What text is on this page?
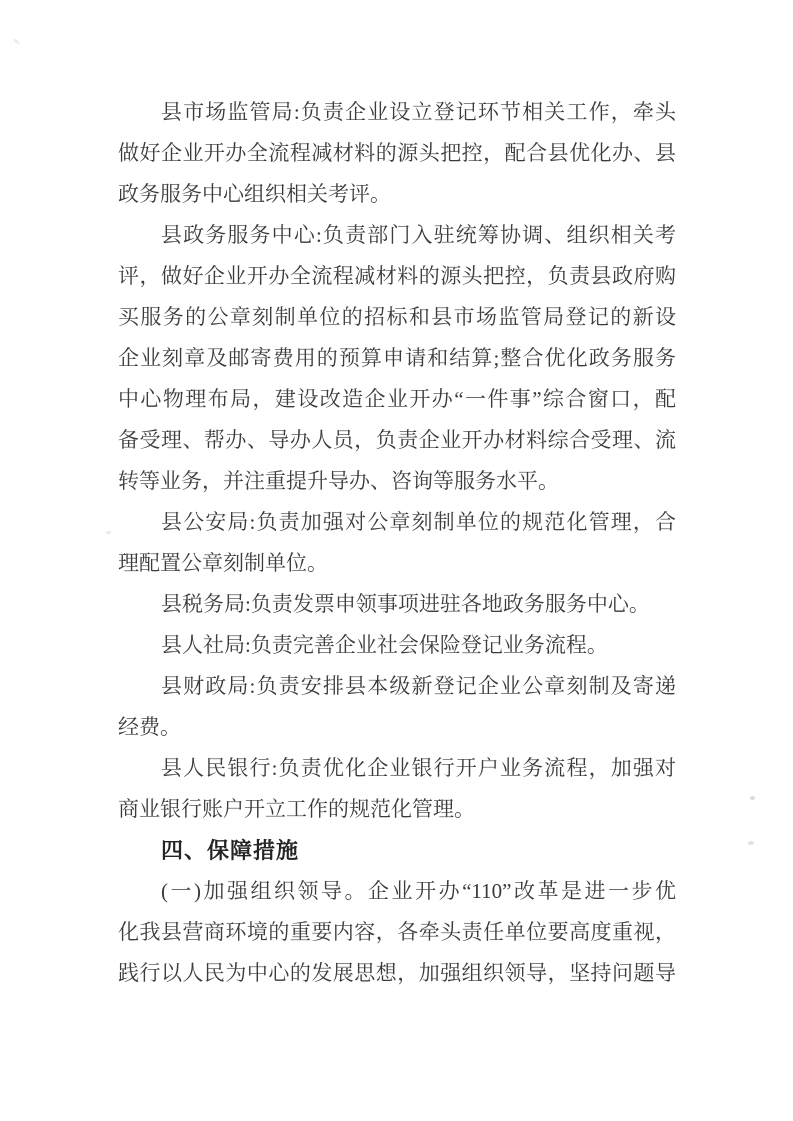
县市场监管局:负责企业设立登记环节相关工作，牵头
做好企业开办全流程减材料的源头把控，配合县优化办、县
政务服务中心组织相关考评。
县政务服务中心:负责部门入驻统筹协调、组织相关考
评，做好企业开办全流程减材料的源头把控，负责县政府购
买服务的公章刻制单位的招标和县市场监管局登记的新设
企业刻章及邮寄费用的预算申请和结算;整合优化政务服务
中心物理布局，建设改造企业开办“一件事”综合窗口，配
备受理、帮办、导办人员，负责企业开办材料综合受理、流
转等业务，并注重提升导办、咨询等服务水平。
县公安局:负责加强对公章刻制单位的规范化管理，合
理配置公章刻制单位。
县税务局:负责发票申领事项进驻各地政务服务中心。
县人社局:负责完善企业社会保险登记业务流程。
县财政局:负责安排县本级新登记企业公章刻制及寄递
经费。
县人民银行:负责优化企业银行开户业务流程，加强对
商业银行账户开立工作的规范化管理。
四、保障措施
(一)加强组织领导。企业开办“110”改革是进一步优
化我县营商环境的重要内容，各牵头责任单位要高度重视，
践行以人民为中心的发展思想，加强组织领导，坚持问题导
